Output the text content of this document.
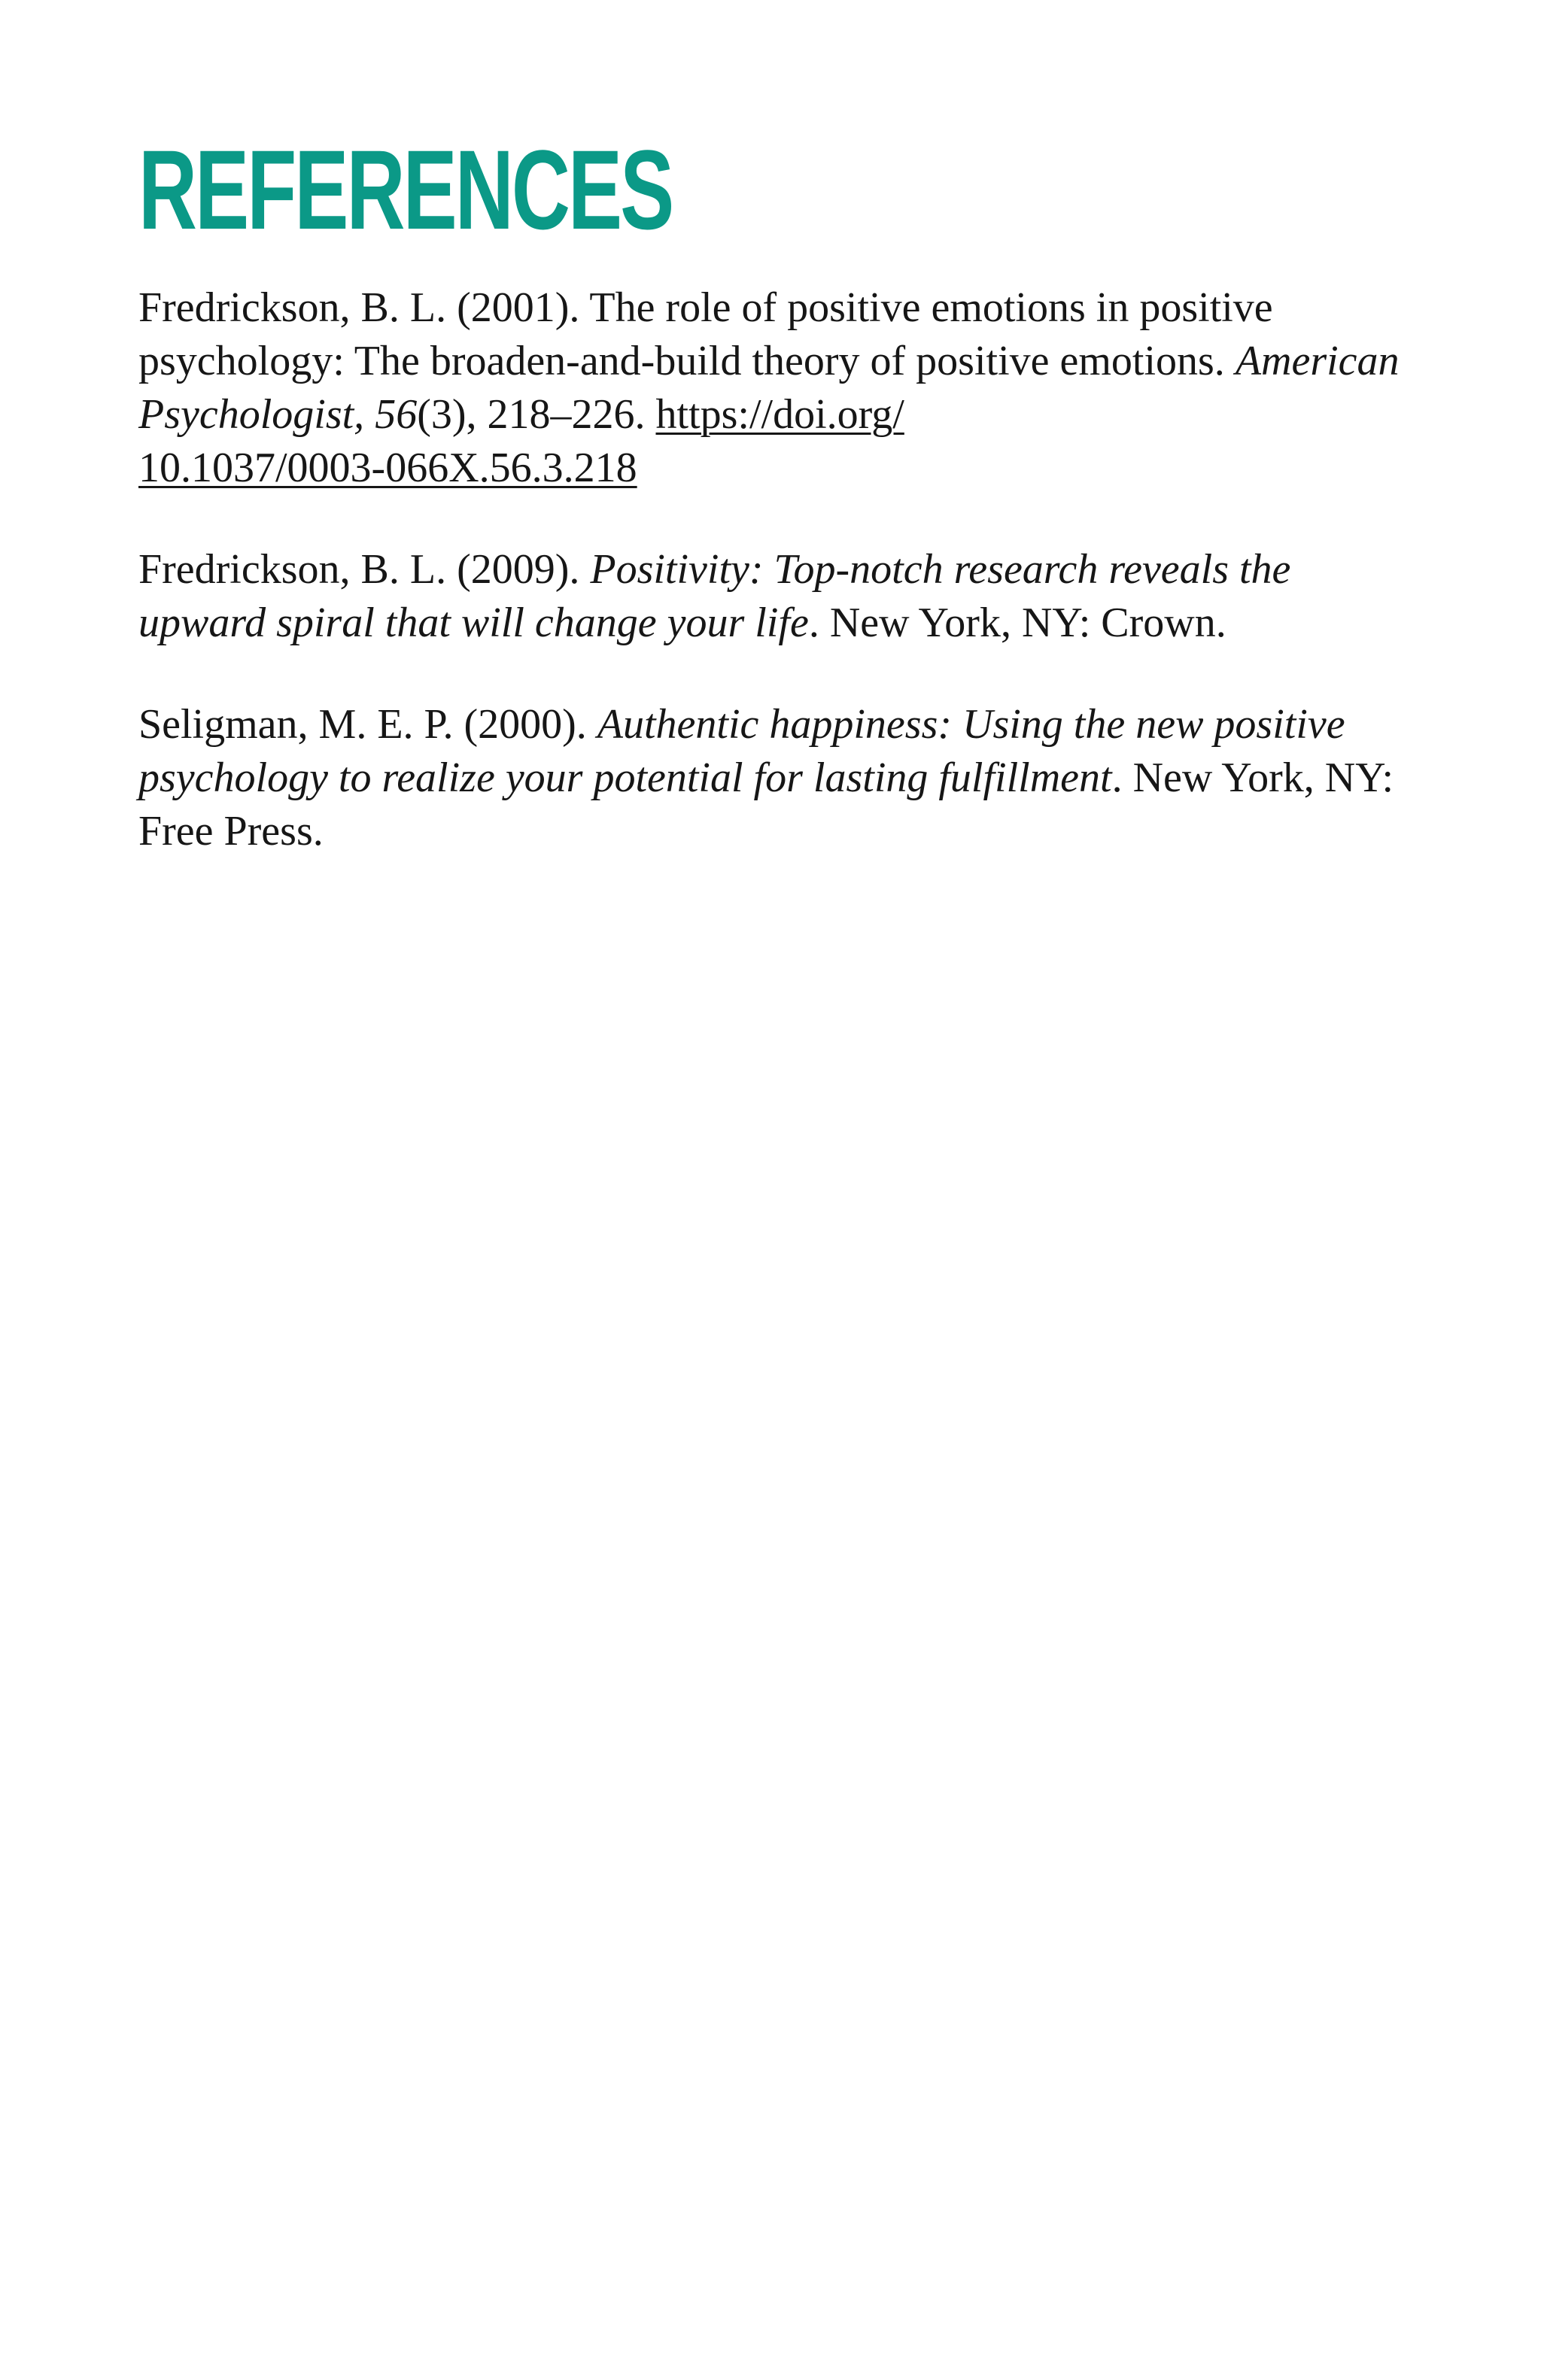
REFERENCES

Fredrickson, B. L. (2001). The role of positive emotions in positive psychology: The broaden-and-build theory of positive emotions. American Psychologist, 56(3), 218–226. https://doi.org/
10.1037/0003-066X.56.3.218

Fredrickson, B. L. (2009). Positivity: Top-notch research reveals the upward spiral that will change your life. New York, NY: Crown.

Seligman, M. E. P. (2000). Authentic happiness: Using the new positive psychology to realize your potential for lasting fulfillment. New York, NY: Free Press.
